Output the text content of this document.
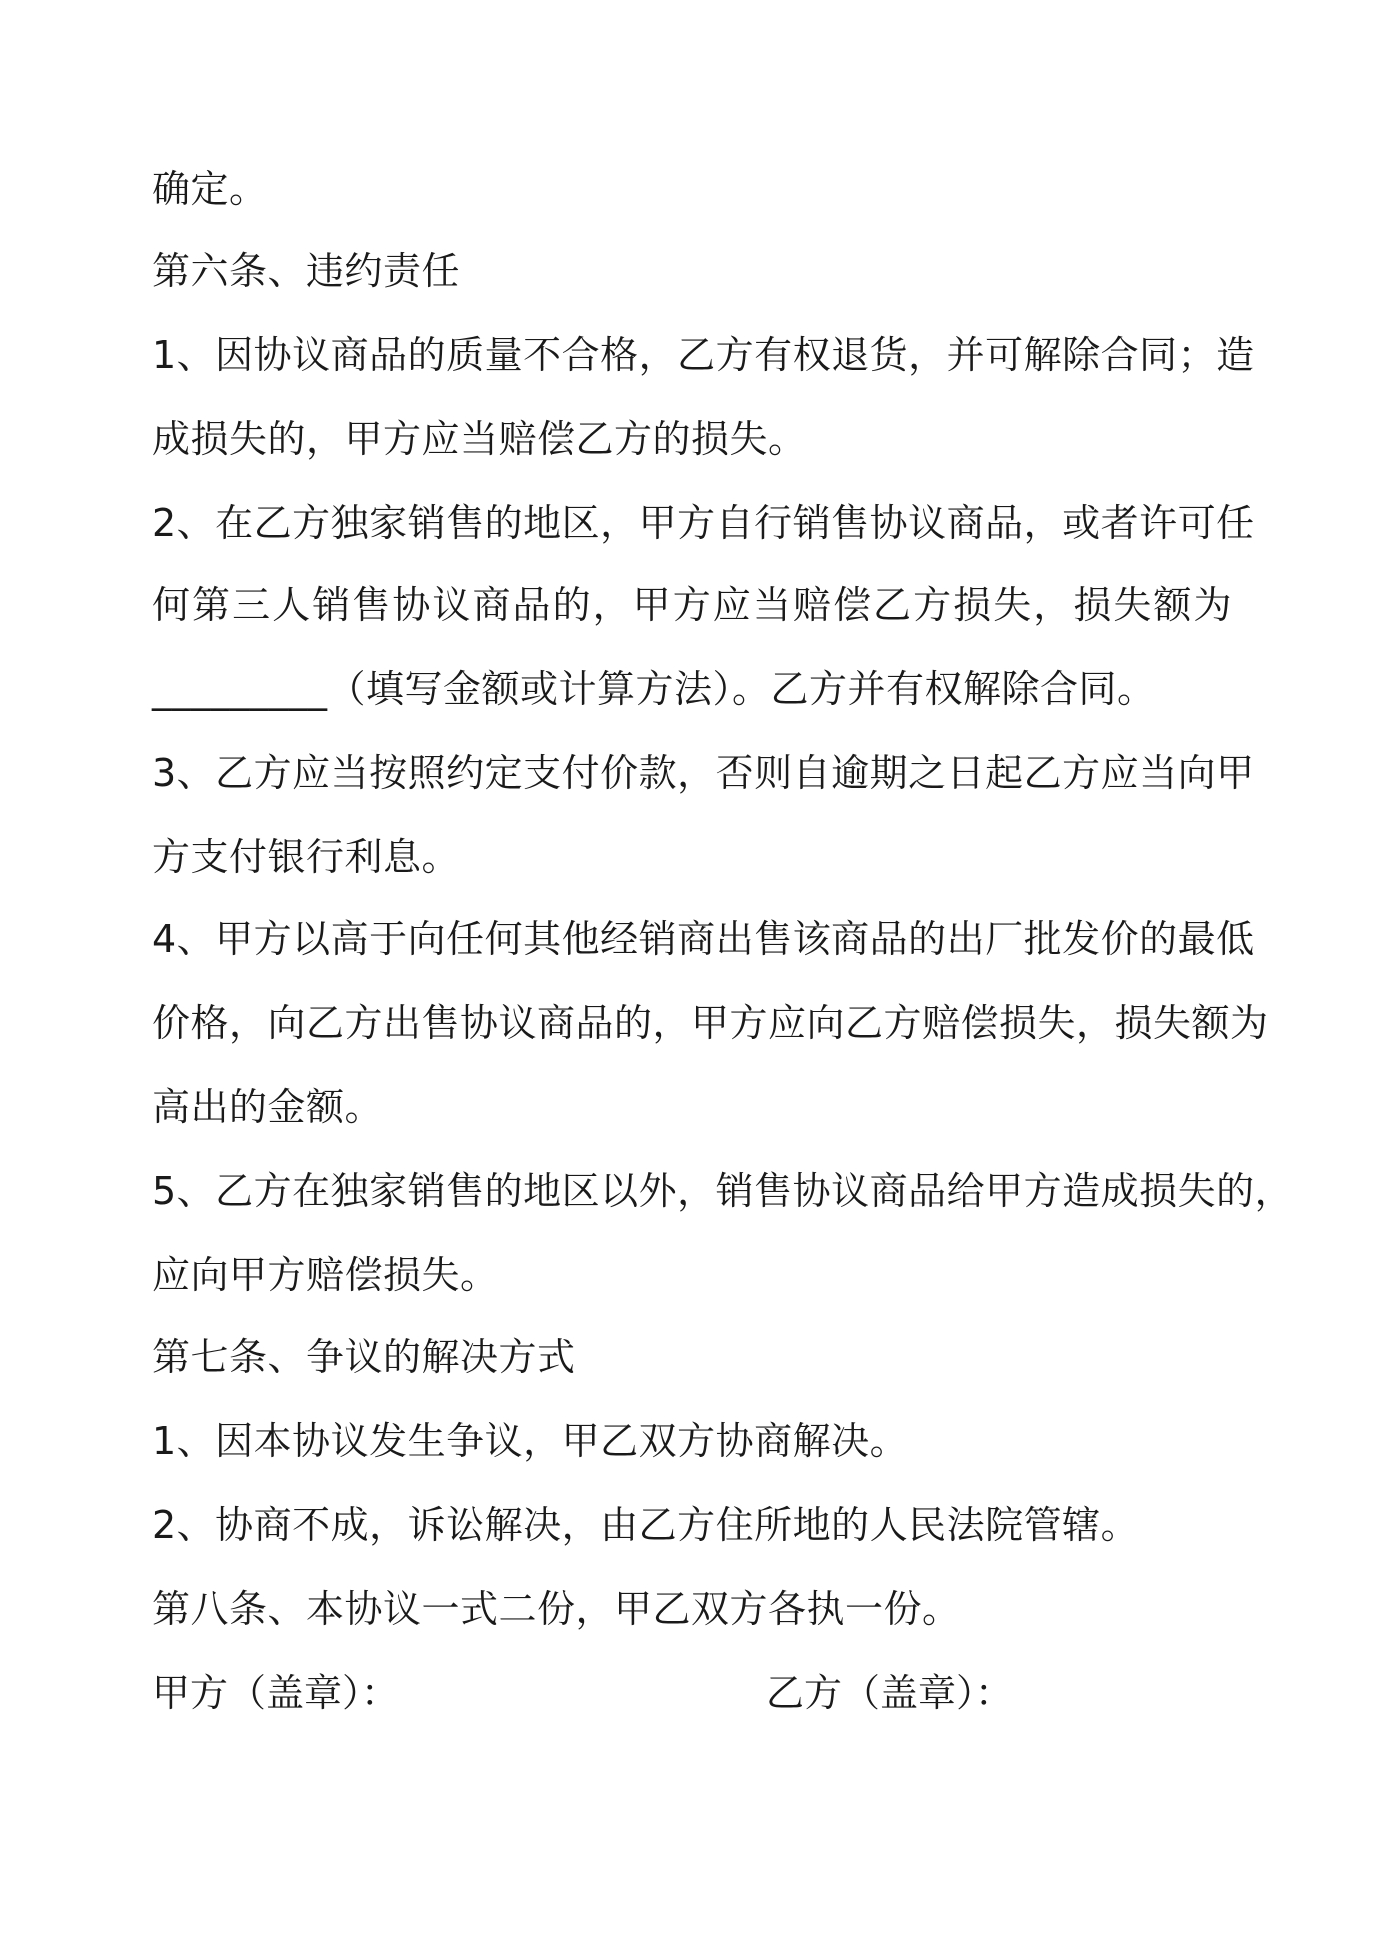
确定。
第六条、违约责任
1、因协议商品的质量不合格，乙方有权退货，并可解除合同；造
成损失的，甲方应当赔偿乙方的损失。
2、在乙方独家销售的地区，甲方自行销售协议商品，或者许可任
何第三人销售协议商品的，甲方应当赔偿乙方损失，损失额为
_________（填写金额或计算方法）。乙方并有权解除合同。
3、乙方应当按照约定支付价款，否则自逾期之日起乙方应当向甲
方支付银行利息。
4、甲方以高于向任何其他经销商出售该商品的出厂批发价的最低
价格，向乙方出售协议商品的，甲方应向乙方赔偿损失，损失额为
高出的金额。
5、乙方在独家销售的地区以外，销售协议商品给甲方造成损失的，
应向甲方赔偿损失。
第七条、争议的解决方式
1、因本协议发生争议，甲乙双方协商解决。
2、协商不成，诉讼解决，由乙方住所地的人民法院管辖。
第八条、本协议一式二份，甲乙双方各执一份。
甲方（盖章）：	乙方（盖章）：
